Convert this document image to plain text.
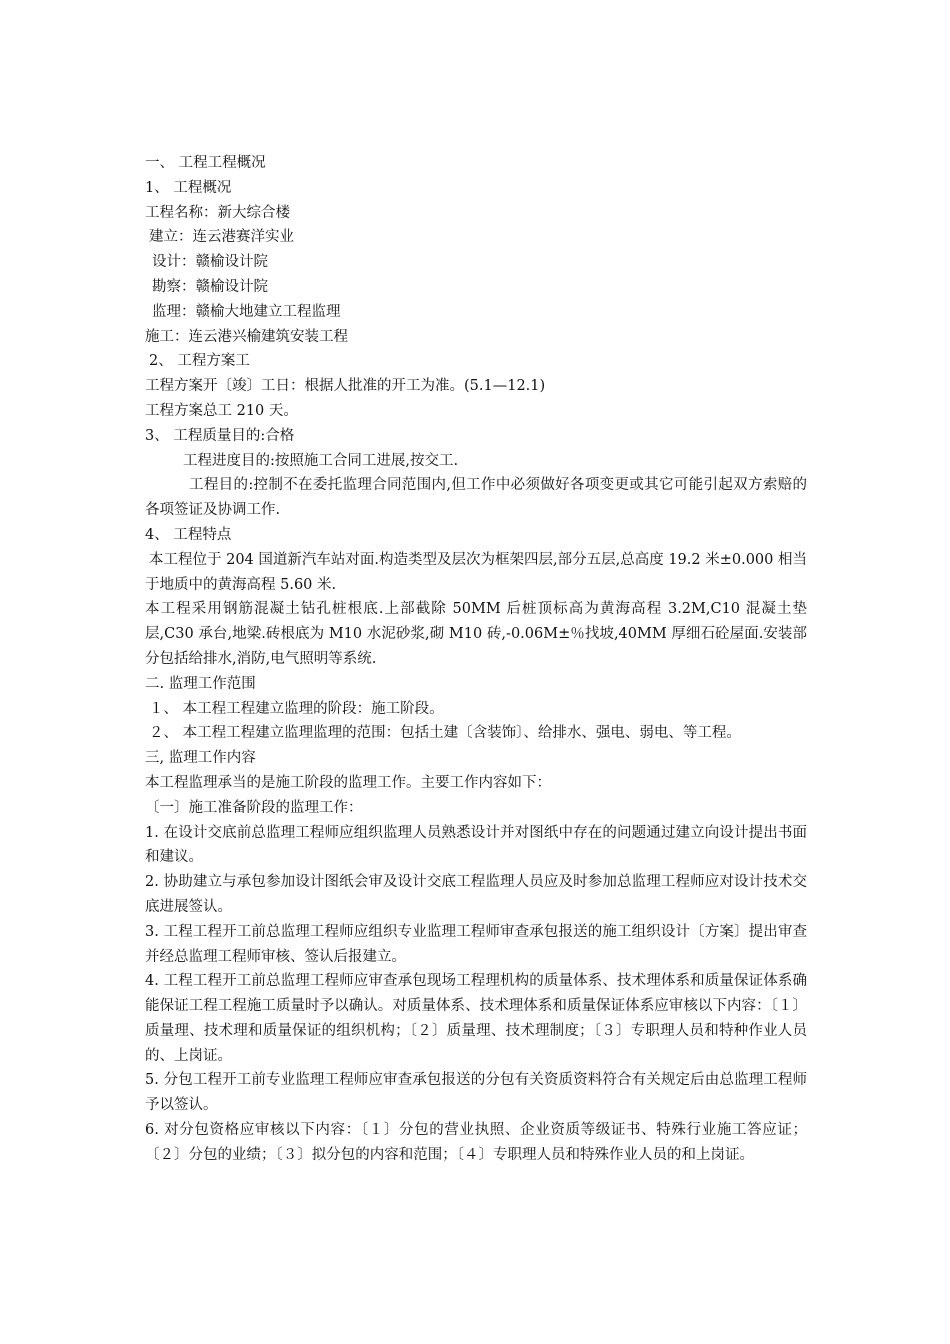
一、 工程工程概况

1、 工程概况

工程名称：新大综合楼

建立：连云港赛洋实业

设计：赣榆设计院

勘察：赣榆设计院

监理：赣榆大地建立工程监理

施工：连云港兴榆建筑安装工程

2、 工程方案工

工程方案开〔竣〕工日：根据人批准的开工为准。(5.1—12.1)

工程方案总工 210 天。

3、 工程质量目的:合格

工程进度目的:按照施工合同工进展,按交工.

工程目的:控制不在委托监理合同范围内,但工作中必须做好各项变更或其它可能引起双方索赔的各项签证及协调工作.

4、 工程特点

本工程位于 204 国道新汽车站对面.构造类型及层次为框架四层,部分五层,总高度 19.2 米±0.000 相当于地质中的黄海高程 5.60 米.

本工程采用钢筋混凝土钻孔桩根底.上部截除 50MM 后桩顶标高为黄海高程 3.2M,C10 混凝土垫层,C30 承台,地梁.砖根底为 M10 水泥砂浆,砌 M10 砖,-0.06M±％找坡,40MM 厚细石砼屋面.安装部分包括给排水,消防,电气照明等系统.

二. 监理工作范围

１、 本工程工程建立监理的阶段：施工阶段。

２、 本工程工程建立监理监理的范围：包括土建〔含装饰〕、给排水、强电、弱电、等工程。

三, 监理工作内容

本工程监理承当的是施工阶段的监理工作。主要工作内容如下：

〔一〕施工准备阶段的监理工作：

1. 在设计交底前总监理工程师应组织监理人员熟悉设计并对图纸中存在的问题通过建立向设计提出书面和建议。

2. 协助建立与承包参加设计图纸会审及设计交底工程监理人员应及时参加总监理工程师应对设计技术交底进展签认。

3. 工程工程开工前总监理工程师应组织专业监理工程师审查承包报送的施工组织设计〔方案〕提出审查并经总监理工程师审核、签认后报建立。

4. 工程工程开工前总监理工程师应审查承包现场工程理机构的质量体系、技术理体系和质量保证体系确能保证工程工程施工质量时予以确认。对质量体系、技术理体系和质量保证体系应审核以下内容：〔１〕质量理、技术理和质量保证的组织机构；〔２〕质量理、技术理制度；〔３〕专职理人员和特种作业人员的、上岗证。

5. 分包工程开工前专业监理工程师应审查承包报送的分包有关资质资料符合有关规定后由总监理工程师予以签认。

6. 对分包资格应审核以下内容：〔１〕分包的营业执照、企业资质等级证书、特殊行业施工答应证；〔２〕分包的业绩；〔３〕拟分包的内容和范围；〔４〕专职理人员和特殊作业人员的和上岗证。
